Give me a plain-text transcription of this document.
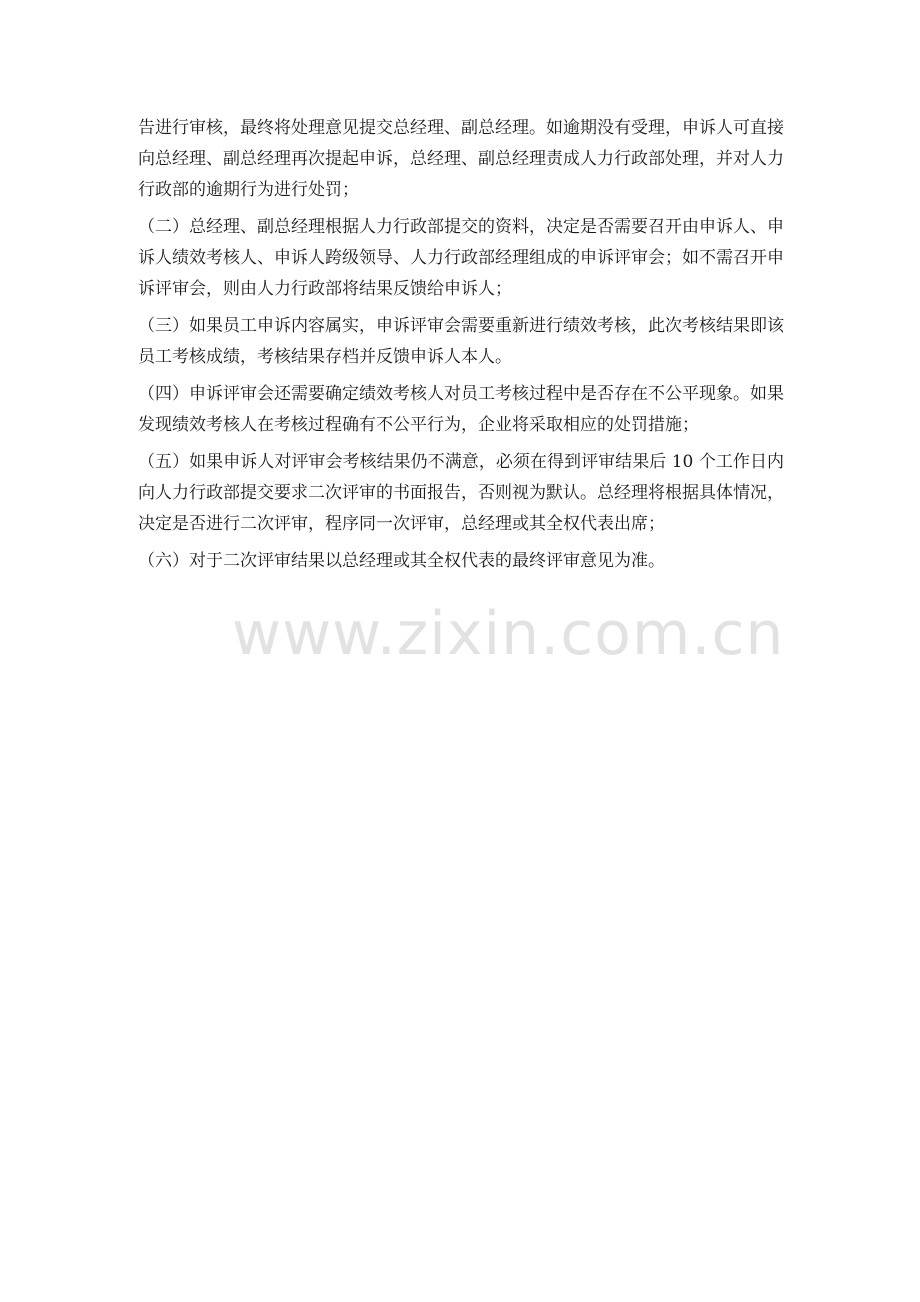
告进行审核，最终将处理意见提交总经理、副总经理。如逾期没有受理，申诉人可直接向总经理、副总经理再次提起申诉，总经理、副总经理责成人力行政部处理，并对人力行政部的逾期行为进行处罚；

（二）总经理、副总经理根据人力行政部提交的资料，决定是否需要召开由申诉人、申诉人绩效考核人、申诉人跨级领导、人力行政部经理组成的申诉评审会；如不需召开申诉评审会，则由人力行政部将结果反馈给申诉人；

（三）如果员工申诉内容属实，申诉评审会需要重新进行绩效考核，此次考核结果即该员工考核成绩，考核结果存档并反馈申诉人本人。

（四）申诉评审会还需要确定绩效考核人对员工考核过程中是否存在不公平现象。如果发现绩效考核人在考核过程确有不公平行为，企业将采取相应的处罚措施；

（五）如果申诉人对评审会考核结果仍不满意，必须在得到评审结果后 10 个工作日内向人力行政部提交要求二次评审的书面报告，否则视为默认。总经理将根据具体情况，决定是否进行二次评审，程序同一次评审，总经理或其全权代表出席；

（六）对于二次评审结果以总经理或其全权代表的最终评审意见为准。

www.zixin.com.cn
